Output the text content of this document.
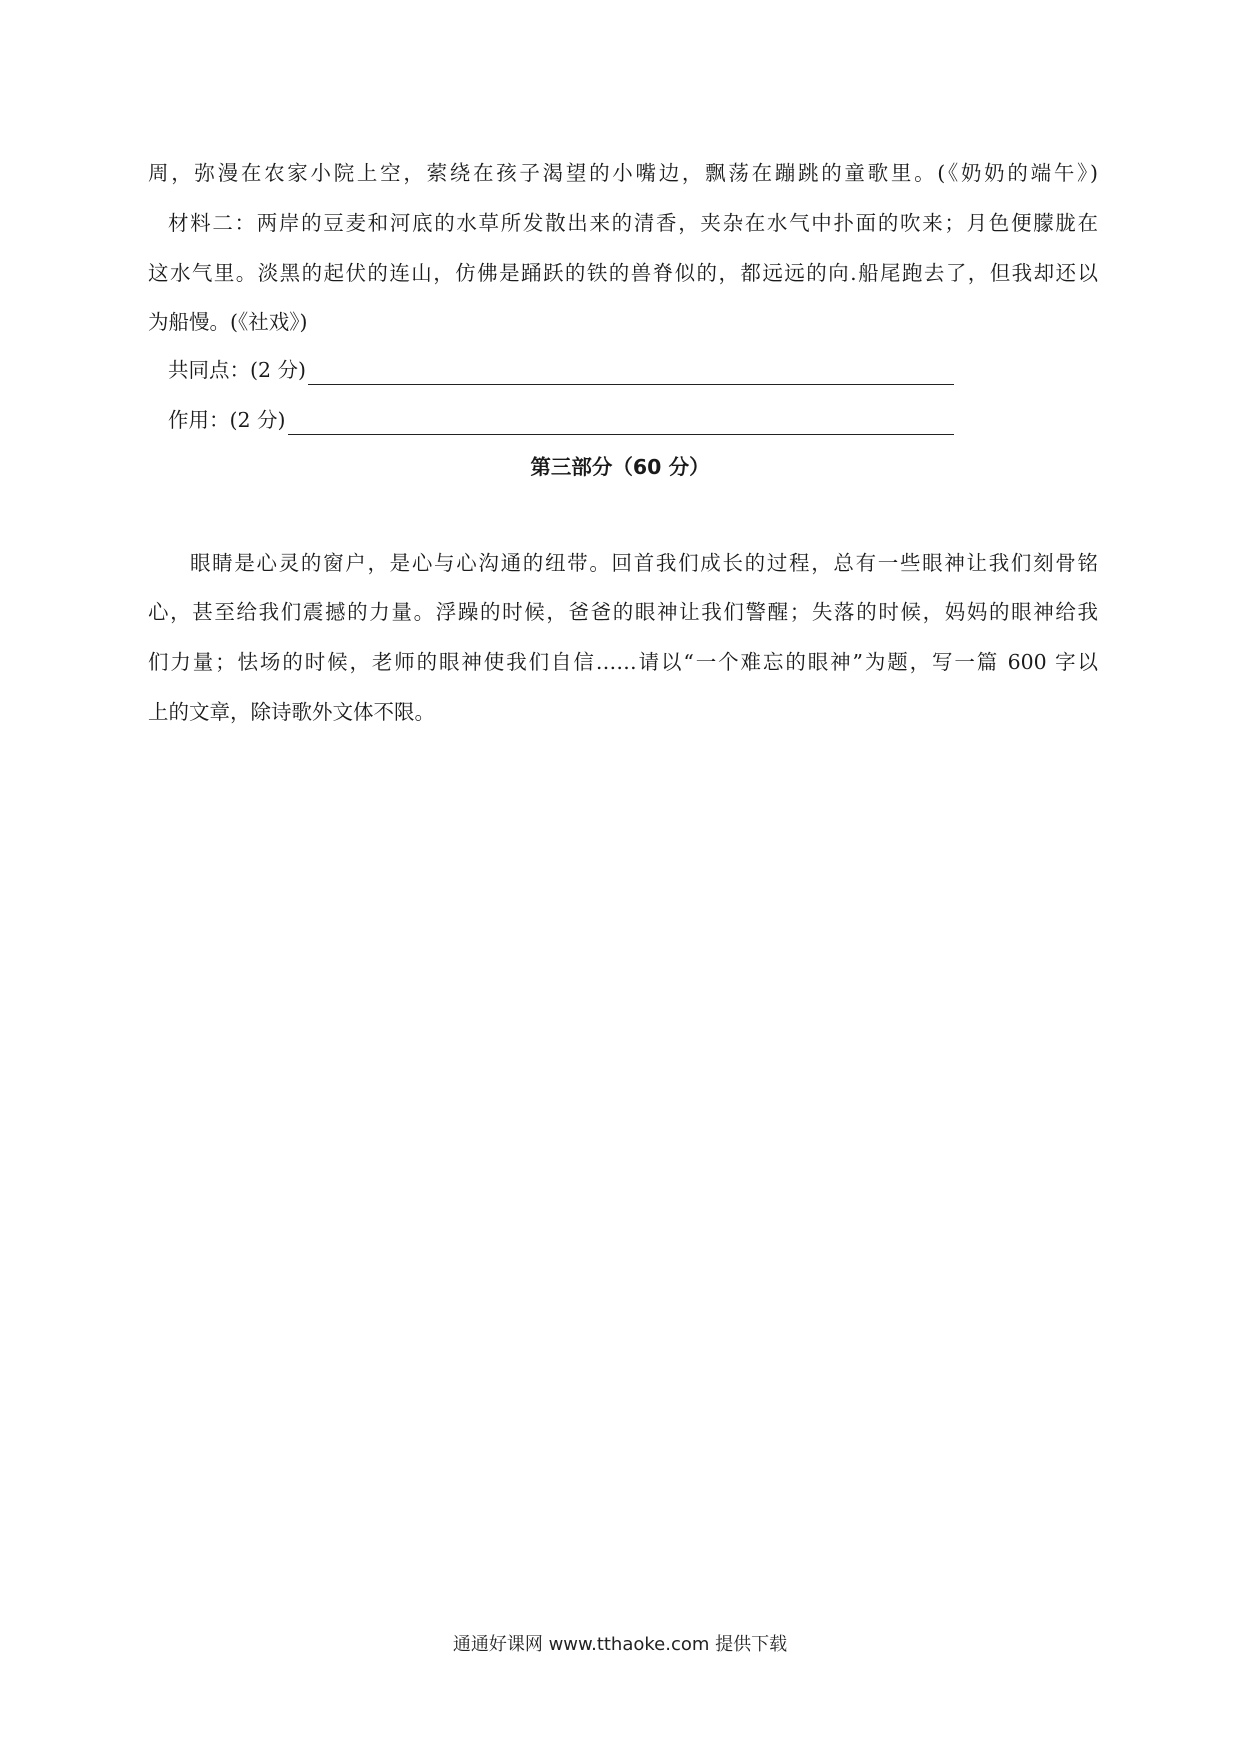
周，弥漫在农家小院上空，萦绕在孩子渴望的小嘴边，飘荡在蹦跳的童歌里。(《奶奶的端午》)
材料二：两岸的豆麦和河底的水草所发散出来的清香，夹杂在水气中扑面的吹来；月色便朦胧在
这水气里。淡黑的起伏的连山，仿佛是踊跃的铁的兽脊似的，都远远的向.船尾跑去了，但我却还以
为船慢。(《社戏》)
共同点：(2 分)
作用：(2 分)
第三部分（60 分）
眼睛是心灵的窗户，是心与心沟通的纽带。回首我们成长的过程，总有一些眼神让我们刻骨铭
心，甚至给我们震撼的力量。浮躁的时候，爸爸的眼神让我们警醒；失落的时候，妈妈的眼神给我
们力量；怯场的时候，老师的眼神使我们自信……请以“一个难忘的眼神”为题，写一篇 600 字以
上的文章，除诗歌外文体不限。
通通好课网 www.tthaoke.com 提供下载
